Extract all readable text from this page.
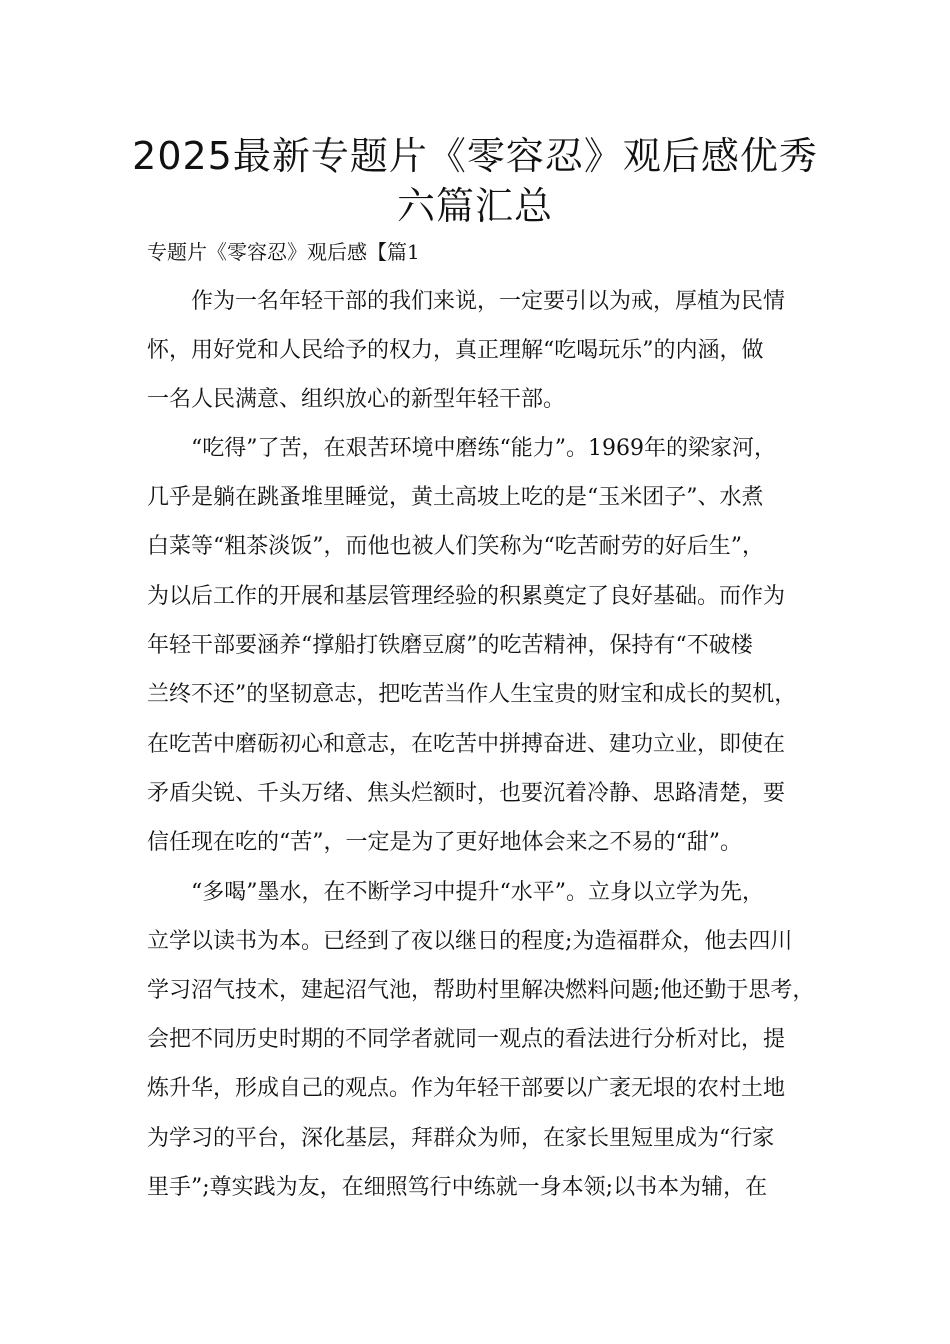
2025最新专题片《零容忍》观后感优秀
六篇汇总

专题片《零容忍》观后感【篇1

作为一名年轻干部的我们来说，一定要引以为戒，厚植为民情

怀，用好党和人民给予的权力，真正理解“吃喝玩乐”的内涵，做

一名人民满意、组织放心的新型年轻干部。

“吃得”了苦，在艰苦环境中磨练“能力”。1969年的梁家河，

几乎是躺在跳蚤堆里睡觉，黄土高坡上吃的是“玉米团子”、水煮

白菜等“粗茶淡饭”，而他也被人们笑称为“吃苦耐劳的好后生”，

为以后工作的开展和基层管理经验的积累奠定了良好基础。而作为

年轻干部要涵养“撑船打铁磨豆腐”的吃苦精神，保持有“不破楼

兰终不还”的坚韧意志，把吃苦当作人生宝贵的财宝和成长的契机，

在吃苦中磨砺初心和意志，在吃苦中拼搏奋进、建功立业，即使在

矛盾尖锐、千头万绪、焦头烂额时，也要沉着冷静、思路清楚，要

信任现在吃的“苦”，一定是为了更好地体会来之不易的“甜”。

“多喝”墨水，在不断学习中提升“水平”。立身以立学为先，

立学以读书为本。已经到了夜以继日的程度;为造福群众，他去四川

学习沼气技术，建起沼气池，帮助村里解决燃料问题;他还勤于思考，

会把不同历史时期的不同学者就同一观点的看法进行分析对比，提

炼升华，形成自己的观点。作为年轻干部要以广袤无垠的农村土地

为学习的平台，深化基层，拜群众为师，在家长里短里成为“行家

里手”;尊实践为友，在细照笃行中练就一身本领;以书本为辅，在
